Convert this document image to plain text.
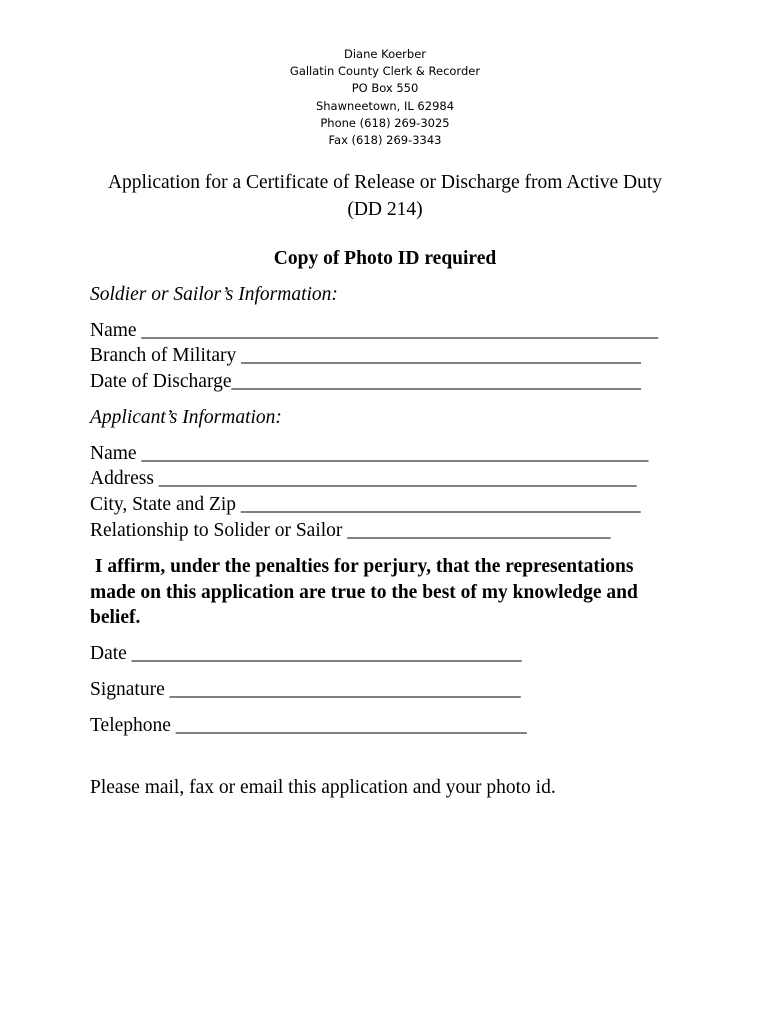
Diane Koerber
Gallatin County Clerk & Recorder
PO Box 550
Shawneetown, IL 62984
Phone (618) 269-3025
Fax (618) 269-3343
Application for a Certificate of Release or Discharge from Active Duty
(DD 214)
Copy of Photo ID required
Soldier or Sailor’s Information:
Name _____________________________________________________
Branch of Military _________________________________________
Date of Discharge__________________________________________
Applicant’s Information:
Name ____________________________________________________
Address _________________________________________________
City, State and Zip _________________________________________
Relationship to Solider or Sailor ___________________________
I affirm, under the penalties for perjury, that the representations
made on this application are true to the best of my knowledge and
belief.
Date ________________________________________
Signature ____________________________________
Telephone ____________________________________
Please mail, fax or email this application and your photo id.
